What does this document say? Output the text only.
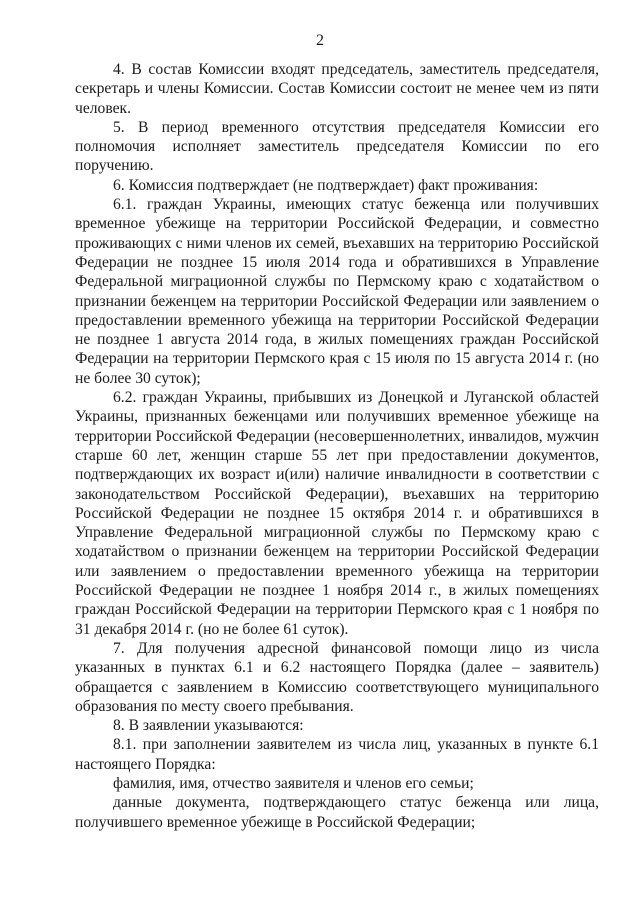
2

4. В состав Комиссии входят председатель, заместитель председателя, секретарь и члены Комиссии. Состав Комиссии состоит не менее чем из пяти человек.

5. В период временного отсутствия председателя Комиссии его полномочия исполняет заместитель председателя Комиссии по его поручению.

6. Комиссия подтверждает (не подтверждает) факт проживания:

6.1. граждан Украины, имеющих статус беженца или получивших временное убежище на территории Российской Федерации, и совместно проживающих с ними членов их семей, въехавших на территорию Российской Федерации не позднее 15 июля 2014 года и обратившихся в Управление Федеральной миграционной службы по Пермскому краю с ходатайством о признании беженцем на территории Российской Федерации или заявлением о предоставлении временного убежища на территории Российской Федерации не позднее 1 августа 2014 года, в жилых помещениях граждан Российской Федерации на территории Пермского края с 15 июля по 15 августа 2014 г. (но не более 30 суток);

6.2. граждан Украины, прибывших из Донецкой и Луганской областей Украины, признанных беженцами или получивших временное убежище на территории Российской Федерации (несовершеннолетних, инвалидов, мужчин старше 60 лет, женщин старше 55 лет при предоставлении документов, подтверждающих их возраст и(или) наличие инвалидности в соответствии с законодательством Российской Федерации), въехавших на территорию Российской Федерации не позднее 15 октября 2014 г. и обратившихся в Управление Федеральной миграционной службы по Пермскому краю с ходатайством о признании беженцем на территории Российской Федерации или заявлением о предоставлении временного убежища на территории Российской Федерации не позднее 1 ноября 2014 г., в жилых помещениях граждан Российской Федерации на территории Пермского края с 1 ноября по 31 декабря 2014 г. (но не более 61 суток).

7. Для получения адресной финансовой помощи лицо из числа указанных в пунктах 6.1 и 6.2 настоящего Порядка (далее – заявитель) обращается с заявлением в Комиссию соответствующего муниципального образования по месту своего пребывания.

8. В заявлении указываются:

8.1. при заполнении заявителем из числа лиц, указанных в пункте 6.1 настоящего Порядка:

фамилия, имя, отчество заявителя и членов его семьи;

данные документа, подтверждающего статус беженца или лица, получившего временное убежище в Российской Федерации;
